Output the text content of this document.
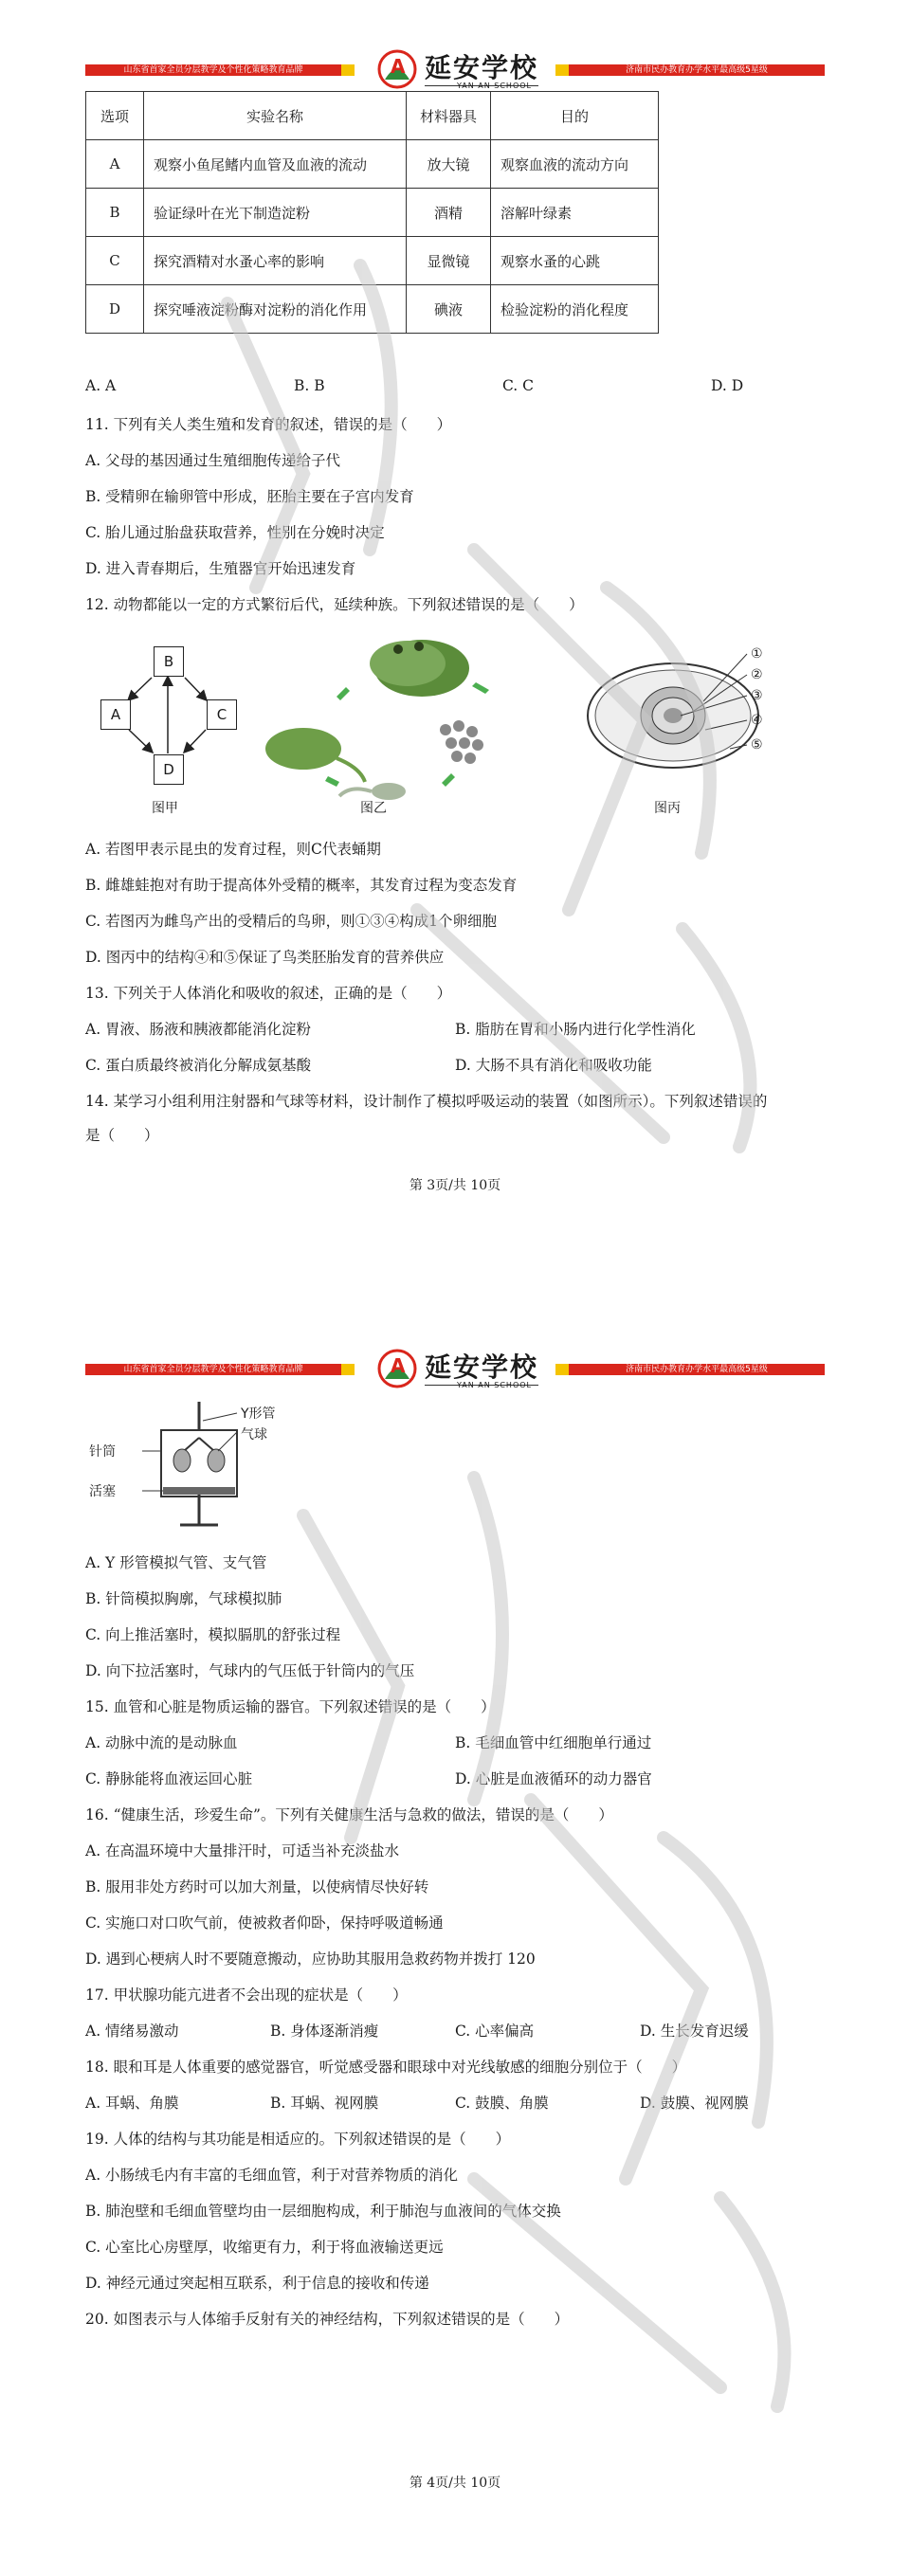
山东省首家全员分层教学及个性化策略教育品牌	A 延安学校
YAN AN SCHOOL
济南市民办教育办学水平最高级5星级
选项	实验名称	材料器具	目的
A	观察小鱼尾鳍内血管及血液的流动	放大镜	观察血液的流动方向
B	验证绿叶在光下制造淀粉	酒精	溶解叶绿素
C	探究酒精对水蚤心率的影响	显微镜	观察水蚤的心跳
D	探究唾液淀粉酶对淀粉的消化作用	碘液	检验淀粉的消化程度
A. A	B. B	C. C	D. D
11. 下列有关人类生殖和发育的叙述，错误的是（　　）
A. 父母的基因通过生殖细胞传递给子代
B. 受精卵在输卵管中形成，胚胎主要在子宫内发育
C. 胎儿通过胎盘获取营养，性别在分娩时决定
D. 进入青春期后，生殖器官开始迅速发育
12. 动物都能以一定的方式繁衍后代，延续种族。下列叙述错误的是（　　）
B
A	C
D
图甲	图乙
①
②
③
④
⑤
图丙
A. 若图甲表示昆虫的发育过程，则C代表蛹期
B. 雌雄蛙抱对有助于提高体外受精的概率，其发育过程为变态发育
C. 若图丙为雌鸟产出的受精后的鸟卵，则①③④构成1个卵细胞
D. 图丙中的结构④和⑤保证了鸟类胚胎发育的营养供应
13. 下列关于人体消化和吸收的叙述，正确的是（　　）
A. 胃液、肠液和胰液都能消化淀粉	B. 脂肪在胃和小肠内进行化学性消化
C. 蛋白质最终被消化分解成氨基酸	D. 大肠不具有消化和吸收功能
14. 某学习小组利用注射器和气球等材料，设计制作了模拟呼吸运动的装置（如图所示）。下列叙述错误的
是（　　）
第 3页/共 10页
山东省首家全员分层教学及个性化策略教育品牌	A 延安学校
YAN AN SCHOOL
济南市民办教育办学水平最高级5星级
针筒
活塞
Y形管
气球
A. Y 形管模拟气管、支气管
B. 针筒模拟胸廓，气球模拟肺
C. 向上推活塞时，模拟膈肌的舒张过程
D. 向下拉活塞时，气球内的气压低于针筒内的气压
15. 血管和心脏是物质运输的器官。下列叙述错误的是（　　）
A. 动脉中流的是动脉血	B. 毛细血管中红细胞单行通过
C. 静脉能将血液运回心脏	D. 心脏是血液循环的动力器官
16. “健康生活，珍爱生命”。下列有关健康生活与急救的做法，错误的是（　　）
A. 在高温环境中大量排汗时，可适当补充淡盐水
B. 服用非处方药时可以加大剂量，以使病情尽快好转
C. 实施口对口吹气前，使被救者仰卧，保持呼吸道畅通
D. 遇到心梗病人时不要随意搬动，应协助其服用急救药物并拨打 120
17. 甲状腺功能亢进者不会出现的症状是（　　）
A. 情绪易激动	B. 身体逐渐消瘦	C. 心率偏高	D. 生长发育迟缓
18. 眼和耳是人体重要的感觉器官，听觉感受器和眼球中对光线敏感的细胞分别位于（　　）
A. 耳蜗、角膜	B. 耳蜗、视网膜	C. 鼓膜、角膜	D. 鼓膜、视网膜
19. 人体的结构与其功能是相适应的。下列叙述错误的是（　　）
A. 小肠绒毛内有丰富的毛细血管，利于对营养物质的消化
B. 肺泡壁和毛细血管壁均由一层细胞构成，利于肺泡与血液间的气体交换
C. 心室比心房壁厚，收缩更有力，利于将血液输送更远
D. 神经元通过突起相互联系，利于信息的接收和传递
20. 如图表示与人体缩手反射有关的神经结构，下列叙述错误的是（　　）
第 4页/共 10页
